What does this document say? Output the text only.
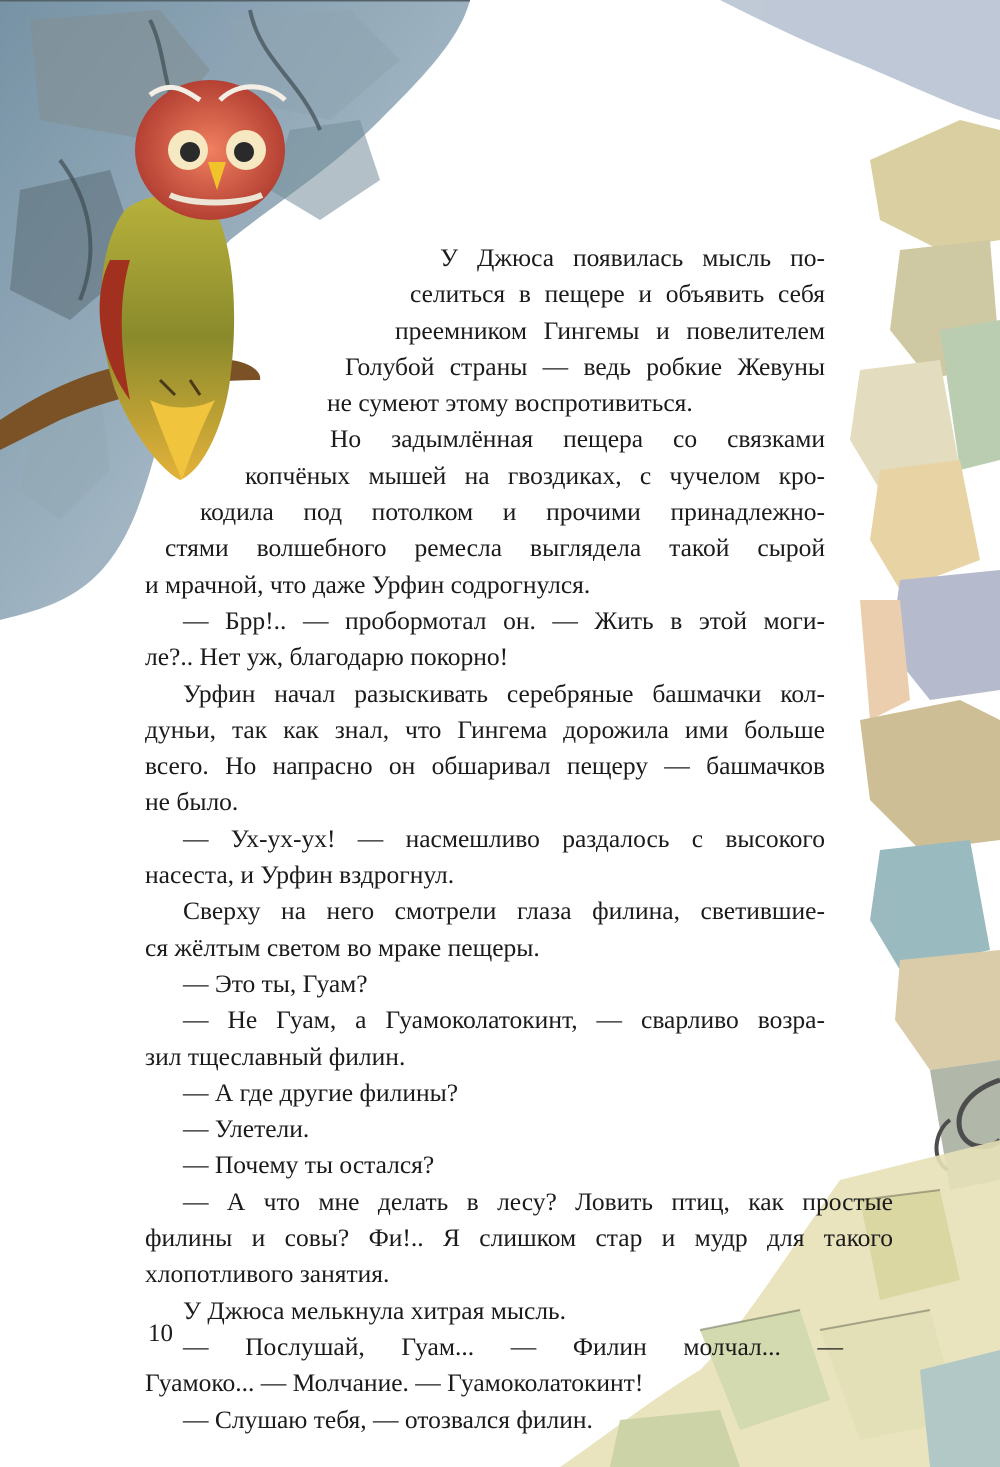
У Джюса появилась мысль по-
селиться в пещере и объявить себя
преемником Гингемы и повелителем
Голубой страны — ведь робкие Жевуны
не сумеют этому воспротивиться.
Но задымлённая пещера со связками
копчёных мышей на гвоздиках, с чучелом кро-
кодила под потолком и прочими принадлежно-
стями волшебного ремесла выглядела такой сырой
и мрачной, что даже Урфин содрогнулся.
— Брр!.. — пробормотал он. — Жить в этой моги-
ле?.. Нет уж, благодарю покорно!
Урфин начал разыскивать серебряные башмачки кол-
дуньи, так как знал, что Гингема дорожила ими больше
всего. Но напрасно он обшаривал пещеру — башмачков
не было.
— Ух-ух-ух! — насмешливо раздалось с высокого
насеста, и Урфин вздрогнул.
Сверху на него смотрели глаза филина, светившие-
ся жёлтым светом во мраке пещеры.
— Это ты, Гуам?
— Не Гуам, а Гуамоколатокинт, — сварливо возра-
зил тщеславный филин.
— А где другие филины?
— Улетели.
— Почему ты остался?
— А что мне делать в лесу? Ловить птиц, как простые
филины и совы? Фи!.. Я слишком стар и мудр для такого
хлопотливого занятия.
У Джюса мелькнула хитрая мысль.
— Послушай, Гуам... — Филин молчал... —
Гуамоко... — Молчание. — Гуамоколатокинт!
— Слушаю тебя, — отозвался филин.
10
